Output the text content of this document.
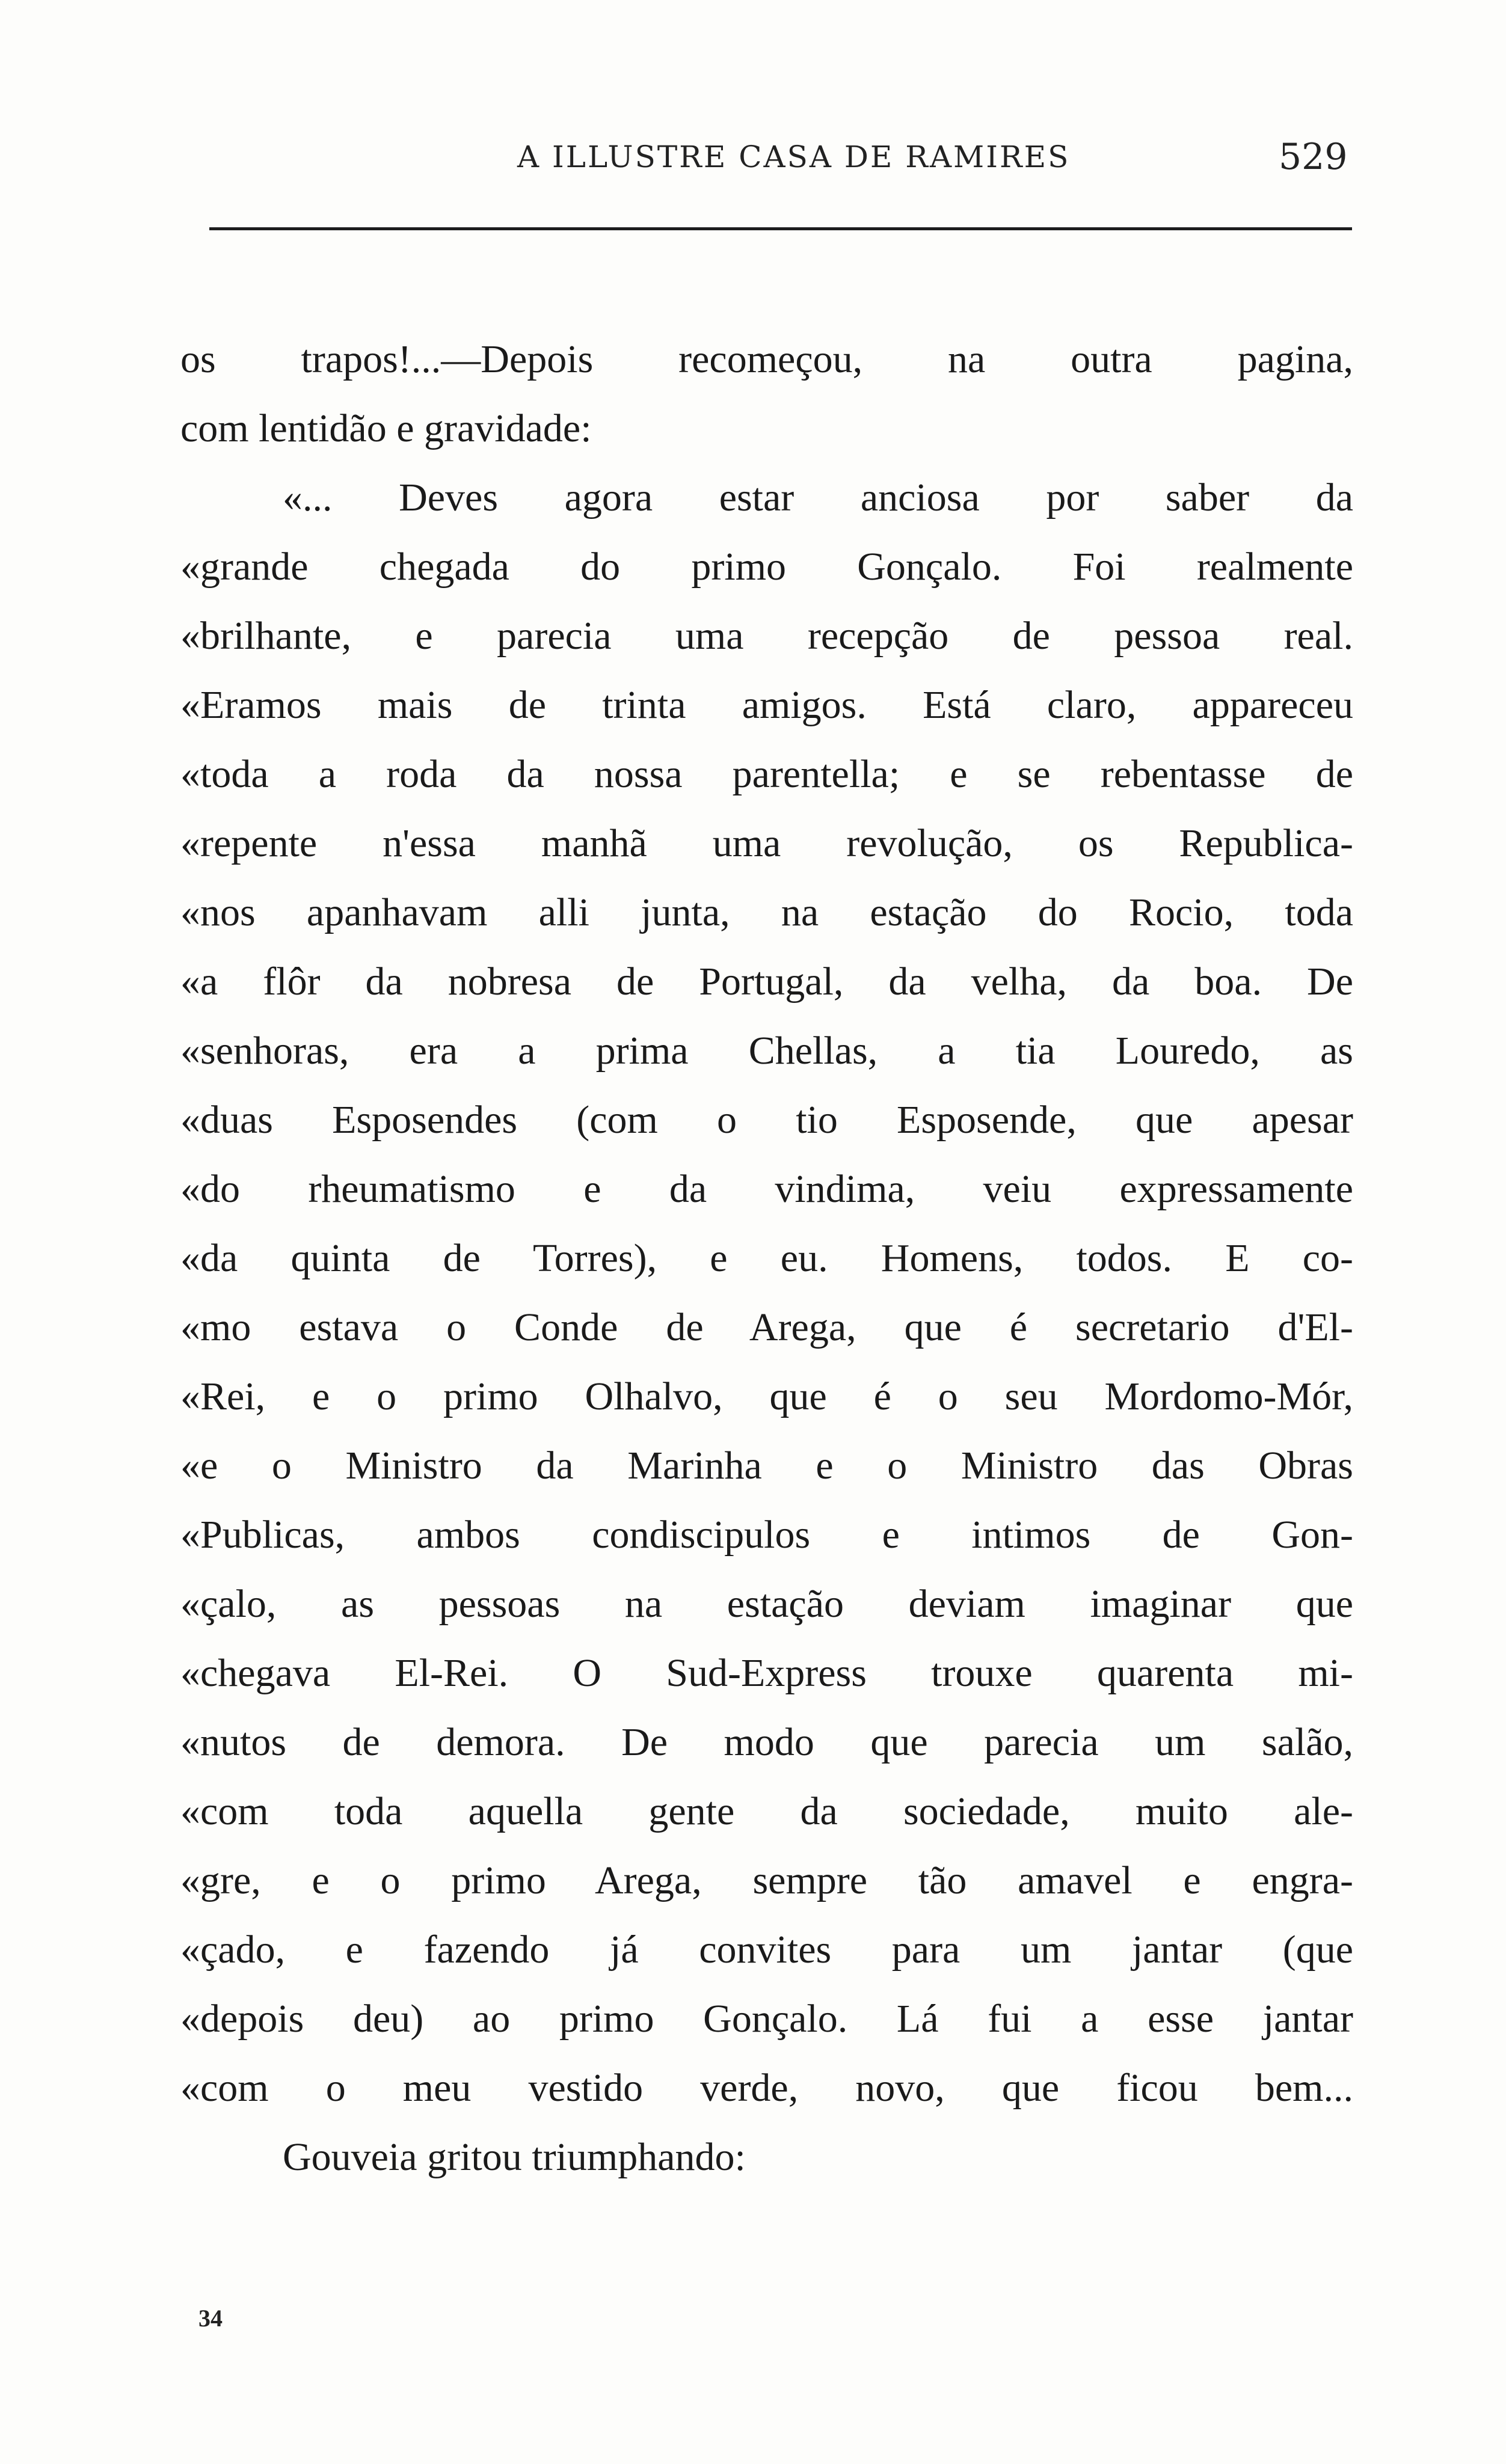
A ILLUSTRE CASA DE RAMIRES	529
os trapos!...—Depois recomeçou, na outra pagina,
com lentidão e gravidade:
«... Deves agora estar anciosa por saber da
«grande chegada do primo Gonçalo. Foi realmente
«brilhante, e parecia uma recepção de pessoa real.
«Eramos mais de trinta amigos. Está claro, appareceu
«toda a roda da nossa parentella; e se rebentasse de
«repente n'essa manhã uma revolução, os Republica-
«nos apanhavam alli junta, na estação do Rocio, toda
«a flôr da nobresa de Portugal, da velha, da boa. De
«senhoras, era a prima Chellas, a tia Louredo, as
«duas Esposendes (com o tio Esposende, que apesar
«do rheumatismo e da vindima, veiu expressamente
«da quinta de Torres), e eu. Homens, todos. E co-
«mo estava o Conde de Arega, que é secretario d'El-
«Rei, e o primo Olhalvo, que é o seu Mordomo-Mór,
«e o Ministro da Marinha e o Ministro das Obras
«Publicas, ambos condiscipulos e intimos de Gon-
«çalo, as pessoas na estação deviam imaginar que
«chegava El-Rei. O Sud-Express trouxe quarenta mi-
«nutos de demora. De modo que parecia um salão,
«com toda aquella gente da sociedade, muito ale-
«gre, e o primo Arega, sempre tão amavel e engra-
«çado, e fazendo já convites para um jantar (que
«depois deu) ao primo Gonçalo. Lá fui a esse jantar
«com o meu vestido verde, novo, que ficou bem...
Gouveia gritou triumphando:
34
